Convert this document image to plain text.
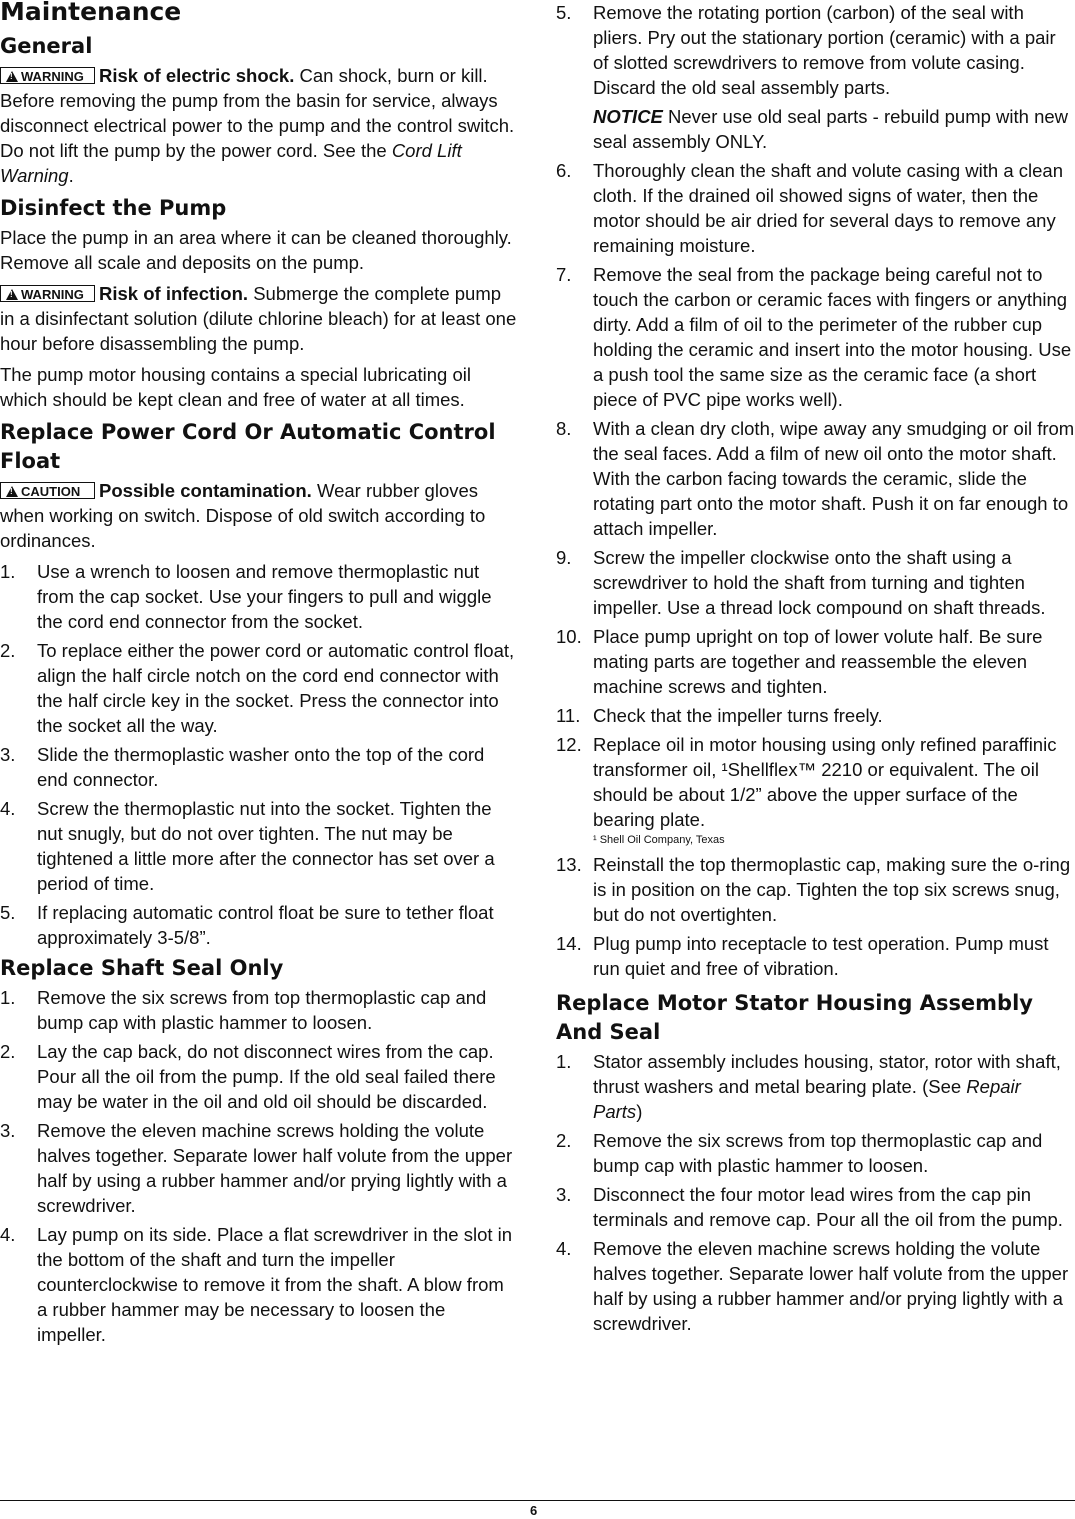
Maintenance
General

!WARNING Risk of electric shock. Can shock, burn or kill. Before removing the pump from the basin for service, always disconnect electrical power to the pump and the control switch. Do not lift the pump by the power cord. See the Cord Lift Warning.

Disinfect the Pump

Place the pump in an area where it can be cleaned thoroughly. Remove all scale and deposits on the pump.

!WARNING Risk of infection. Submerge the complete pump in a disinfectant solution (dilute chlorine bleach) for at least one hour before disassembling the pump.

The pump motor housing contains a special lubricating oil which should be kept clean and free of water at all times.

Replace Power Cord Or Automatic Control Float

!CAUTION Possible contamination. Wear rubber gloves when working on switch. Dispose of old switch according to ordinances.

1. Use a wrench to loosen and remove thermoplastic nut from the cap socket. Use your fingers to pull and wiggle the cord end connector from the socket.
2. To replace either the power cord or automatic control float, align the half circle notch on the cord end connector with the half circle key in the socket. Press the connector into the socket all the way.
3. Slide the thermoplastic washer onto the top of the cord end connector.
4. Screw the thermoplastic nut into the socket. Tighten the nut snugly, but do not over tighten. The nut may be tightened a little more after the connector has set over a period of time.
5. If replacing automatic control float be sure to tether float approximately 3-5/8”.
Replace Shaft Seal Only
1. Remove the six screws from top thermoplastic cap and bump cap with plastic hammer to loosen.
2. Lay the cap back, do not disconnect wires from the cap. Pour all the oil from the pump. If the old seal failed there may be water in the oil and old oil should be discarded.
3. Remove the eleven machine screws holding the volute halves together. Separate lower half volute from the upper half by using a rubber hammer and/or prying lightly with a screwdriver.
4. Lay pump on its side. Place a flat screwdriver in the slot in the bottom of the shaft and turn the impeller counterclockwise to remove it from the shaft. A blow from a rubber hammer may be necessary to loosen the impeller.
5. Remove the rotating portion (carbon) of the seal with pliers. Pry out the stationary portion (ceramic) with a pair of slotted screwdrivers to remove from volute casing. Discard the old seal assembly parts.

NOTICE Never use old seal parts - rebuild pump with new seal assembly ONLY.

6. Thoroughly clean the shaft and volute casing with a clean cloth. If the drained oil showed signs of water, then the motor should be air dried for several days to remove any remaining moisture.
7. Remove the seal from the package being careful not to touch the carbon or ceramic faces with fingers or anything dirty. Add a film of oil to the perimeter of the rubber cup holding the ceramic and insert into the motor housing. Use a push tool the same size as the ceramic face (a short piece of PVC pipe works well).
8. With a clean dry cloth, wipe away any smudging or oil from the seal faces. Add a film of new oil onto the motor shaft. With the carbon facing towards the ceramic, slide the rotating part onto the motor shaft. Push it on far enough to attach impeller.
9. Screw the impeller clockwise onto the shaft using a screwdriver to hold the shaft from turning and tighten impeller. Use a thread lock compound on shaft threads.
10. Place pump upright on top of lower volute half. Be sure mating parts are together and reassemble the eleven machine screws and tighten.
11. Check that the impeller turns freely.
12. Replace oil in motor housing using only refined paraffinic transformer oil, ¹Shellflex™ 2210 or equivalent. The oil should be about 1/2” above the upper surface of the bearing plate.
¹ Shell Oil Company, Texas
13. Reinstall the top thermoplastic cap, making sure the o-ring is in position on the cap. Tighten the top six screws snug, but do not overtighten.
14. Plug pump into receptacle to test operation. Pump must run quiet and free of vibration.
Replace Motor Stator Housing Assembly And Seal
1. Stator assembly includes housing, stator, rotor with shaft, thrust washers and metal bearing plate. (See Repair Parts)
2. Remove the six screws from top thermoplastic cap and bump cap with plastic hammer to loosen.
3. Disconnect the four motor lead wires from the cap pin terminals and remove cap. Pour all the oil from the pump.
4. Remove the eleven machine screws holding the volute halves together. Separate lower half volute from the upper half by using a rubber hammer and/or prying lightly with a screwdriver.
6
